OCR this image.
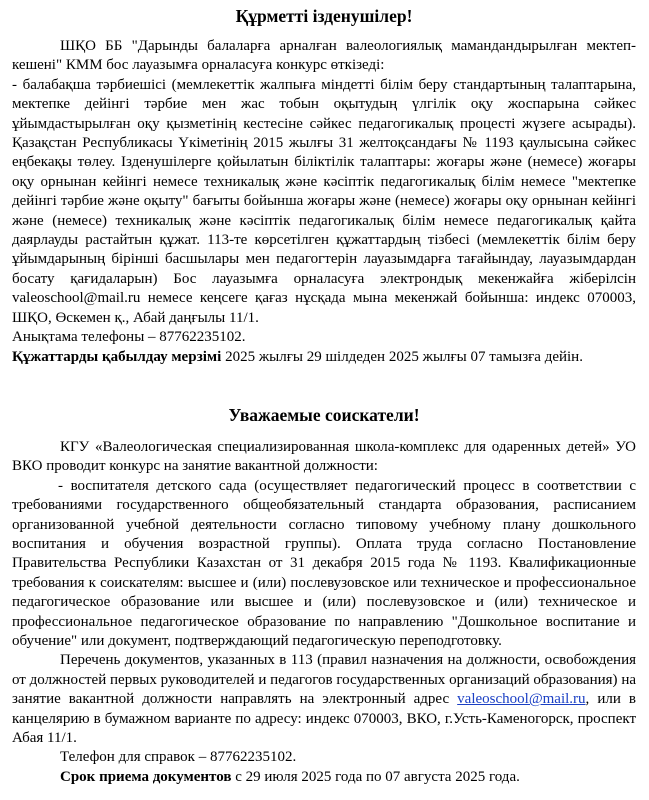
Құрметті ізденушілер!

ШҚО ББ "Дарынды балаларға арналған валеологиялық мамандандырылған мектеп-кешені" КММ бос лауазымға орналасуға конкурс өткізеді:

- балабақша тәрбиешісі (мемлекеттік жалпыға міндетті білім беру стандартының талаптарына, мектепке дейінгі тәрбие мен жас тобын оқытудың үлгілік оқу жоспарына сәйкес ұйымдастырылған оқу қызметінің кестесіне сәйкес педагогикалық процесті жүзеге асырады). Қазақстан Республикасы Үкіметінің 2015 жылғы 31 желтоқсандағы № 1193 қаулысына сәйкес еңбекақы төлеу. Ізденушілерге қойылатын біліктілік талаптары: жоғары және (немесе) жоғары оқу орнынан кейінгі немесе техникалық және кәсіптік педагогикалық білім немесе "мектепке дейінгі тәрбие және оқыту" бағыты бойынша жоғары және (немесе) жоғары оқу орнынан кейінгі және (немесе) техникалық және кәсіптік педагогикалық білім немесе педагогикалық қайта даярлауды растайтын құжат. 113-те көрсетілген құжаттардың тізбесі (мемлекеттік білім беру ұйымдарының бірінші басшылары мен педагогтерін лауазымдарға тағайындау, лауазымдардан босату қағидаларын) Бос лауазымға орналасуға электрондық мекенжайға жіберілсін valeoschool@mail.ru немесе кеңсеге қағаз нұсқада мына мекенжай бойынша: индекс 070003, ШҚО, Өскемен қ., Абай даңғылы 11/1.

Анықтама телефоны – 87762235102.

Құжаттарды қабылдау мерзімі 2025 жылғы 29 шілдеден 2025 жылғы 07 тамызға дейін.

Уважаемые соискатели!

КГУ «Валеологическая специализированная школа-комплекс для одаренных детей» УО ВКО проводит конкурс на занятие вакантной должности:

- воспитателя детского сада (осуществляет педагогический процесс в соответствии с требованиями государственного общеобязательный стандарта образования, расписанием организованной учебной деятельности согласно типовому учебному плану дошкольного воспитания и обучения возрастной группы). Оплата труда согласно Постановление Правительства Республики Казахстан от 31 декабря 2015 года № 1193. Квалификационные требования к соискателям: высшее и (или) послевузовское или техническое и профессиональное педагогическое образование или высшее и (или) послевузовское и (или) техническое и профессиональное педагогическое образование по направлению "Дошкольное воспитание и обучение" или документ, подтверждающий педагогическую переподготовку.

Перечень документов, указанных в 113 (правил назначения на должности, освобождения от должностей первых руководителей и педагогов государственных организаций образования) на занятие вакантной должности направлять на электронный адрес valeoschool@mail.ru, или в канцелярию в бумажном варианте по адресу: индекс 070003, ВКО, г.Усть-Каменогорск, проспект Абая 11/1.

Телефон для справок – 87762235102.

Срок приема документов с 29 июля 2025 года по 07 августа 2025 года.
